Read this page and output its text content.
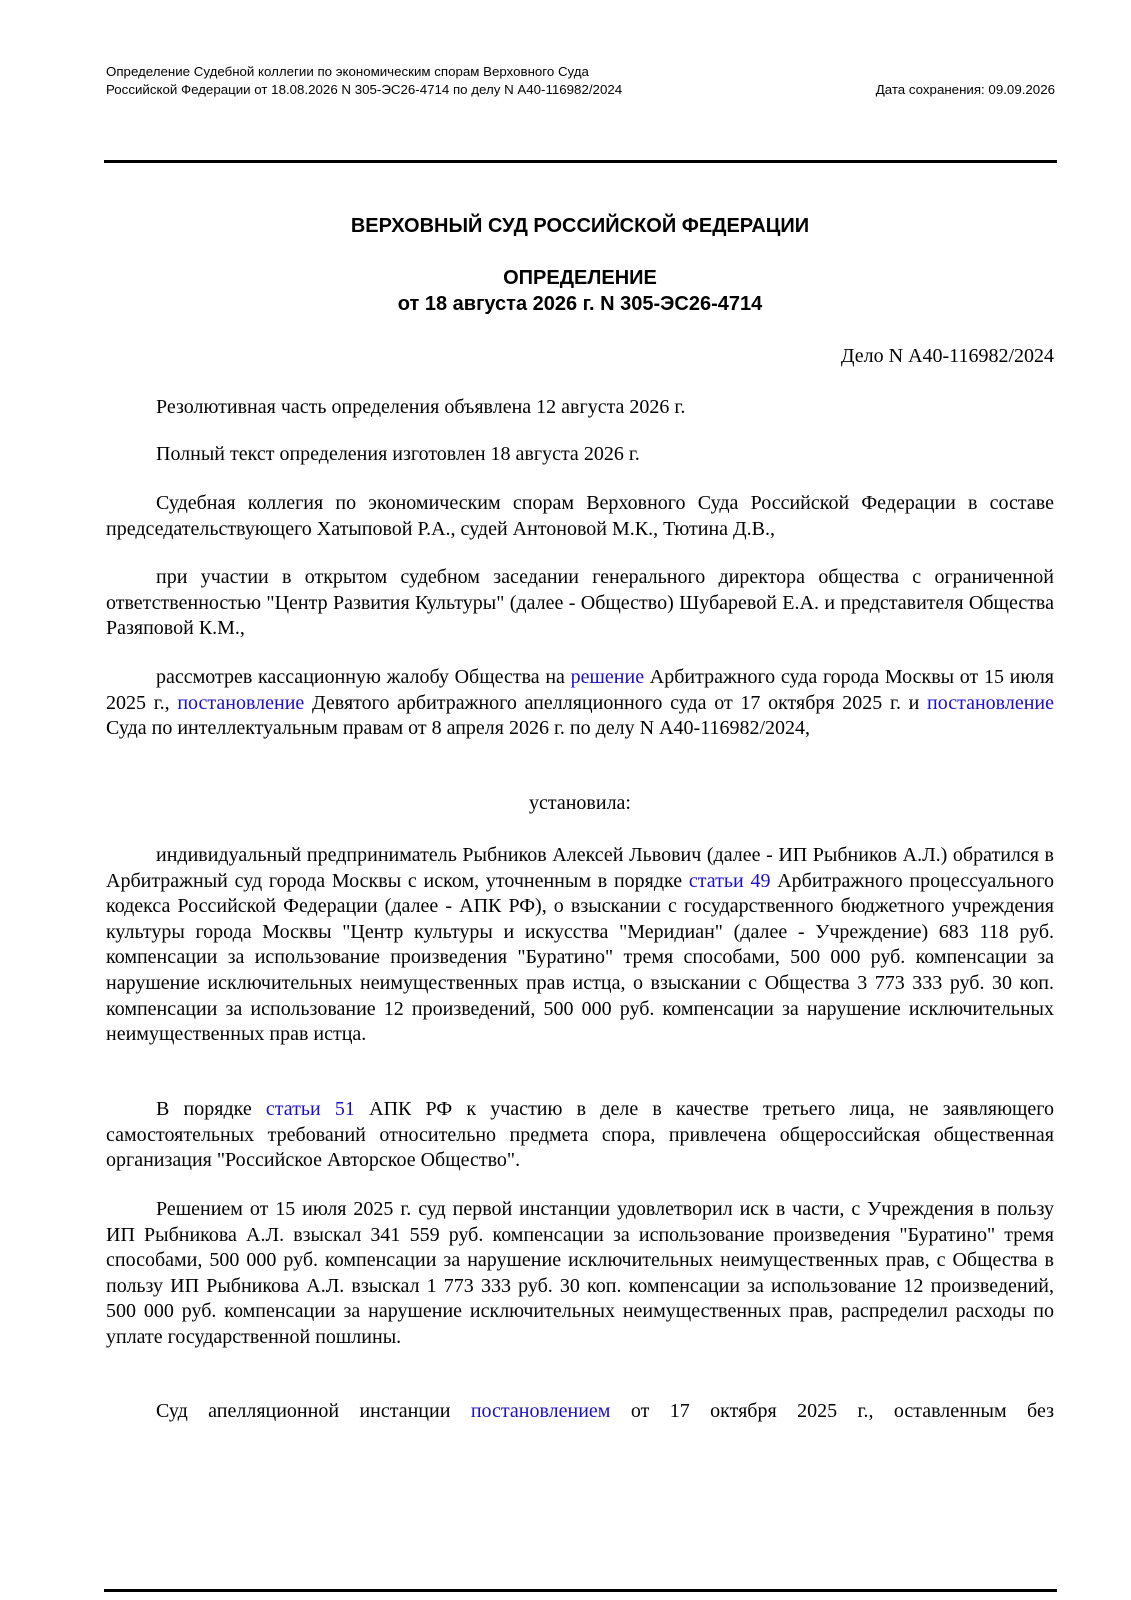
Определение Судебной коллегии по экономическим спорам Верховного Суда Российской Федерации от 18.08.2026 N 305-ЭС26-4714 по делу N А40-116982/2024	Дата сохранения: 09.09.2026
ВЕРХОВНЫЙ СУД РОССИЙСКОЙ ФЕДЕРАЦИИ
ОПРЕДЕЛЕНИЕ
от 18 августа 2026 г. N 305-ЭС26-4714
Дело N А40-116982/2024

Резолютивная часть определения объявлена 12 августа 2026 г.

Полный текст определения изготовлен 18 августа 2026 г.

Судебная коллегия по экономическим спорам Верховного Суда Российской Федерации в составе председательствующего Хатыповой Р.А., судей Антоновой М.К., Тютина Д.В.,

при участии в открытом судебном заседании генерального директора общества с ограниченной ответственностью "Центр Развития Культуры" (далее - Общество) Шубаревой Е.А. и представителя Общества Разяповой К.М.,

рассмотрев кассационную жалобу Общества на решение Арбитражного суда города Москвы от 15 июля 2025 г., постановление Девятого арбитражного апелляционного суда от 17 октября 2025 г. и постановление Суда по интеллектуальным правам от 8 апреля 2026 г. по делу N А40-116982/2024,

установила:

индивидуальный предприниматель Рыбников Алексей Львович (далее - ИП Рыбников А.Л.) обратился в Арбитражный суд города Москвы с иском, уточненным в порядке статьи 49 Арбитражного процессуального кодекса Российской Федерации (далее - АПК РФ), о взыскании с государственного бюджетного учреждения культуры города Москвы "Центр культуры и искусства "Меридиан" (далее - Учреждение) 683 118 руб. компенсации за использование произведения "Буратино" тремя способами, 500 000 руб. компенсации за нарушение исключительных неимущественных прав истца, о взыскании с Общества 3 773 333 руб. 30 коп. компенсации за использование 12 произведений, 500 000 руб. компенсации за нарушение исключительных неимущественных прав истца.

В порядке статьи 51 АПК РФ к участию в деле в качестве третьего лица, не заявляющего самостоятельных требований относительно предмета спора, привлечена общероссийская общественная организация "Российское Авторское Общество".

Решением от 15 июля 2025 г. суд первой инстанции удовлетворил иск в части, с Учреждения в пользу ИП Рыбникова А.Л. взыскал 341 559 руб. компенсации за использование произведения "Буратино" тремя способами, 500 000 руб. компенсации за нарушение исключительных неимущественных прав, с Общества в пользу ИП Рыбникова А.Л. взыскал 1 773 333 руб. 30 коп. компенсации за использование 12 произведений, 500 000 руб. компенсации за нарушение исключительных неимущественных прав, распределил расходы по уплате государственной пошлины.

Суд апелляционной инстанции постановлением от 17 октября 2025 г., оставленным без
